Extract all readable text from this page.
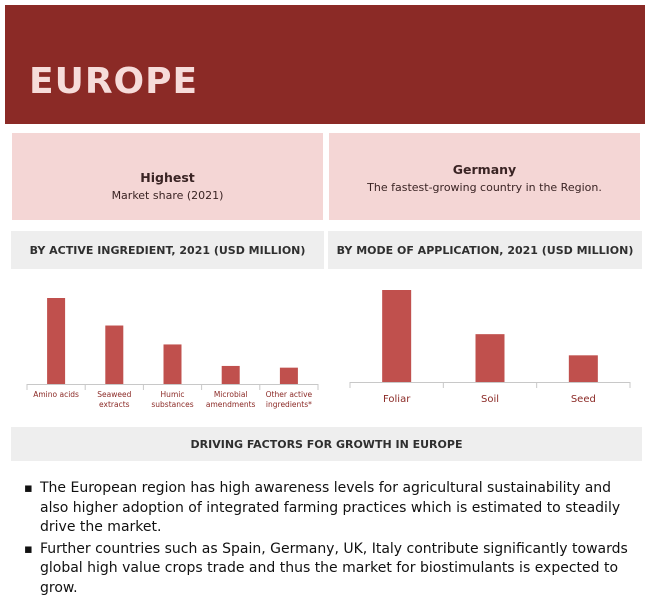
EUROPE
Highest
Market share (2021)
Germany
The fastest-growing country in the Region.
BY ACTIVE INGREDIENT, 2021 (USD MILLION)	BY MODE OF APPLICATION, 2021 (USD MILLION)
Amino acids Seaweed extracts
Humic substances
Microbial amendments
Other active ingredients*	Foliar	Soil	Seed
DRIVING FACTORS FOR GROWTH IN EUROPE
▪ The European region has high awareness levels for agricultural sustainability and also higher adoption of integrated farming practices which is estimated to steadily drive the market.
▪ Further countries such as Spain, Germany, UK, Italy contribute significantly towards global high value crops trade and thus the market for biostimulants is expected to grow.
